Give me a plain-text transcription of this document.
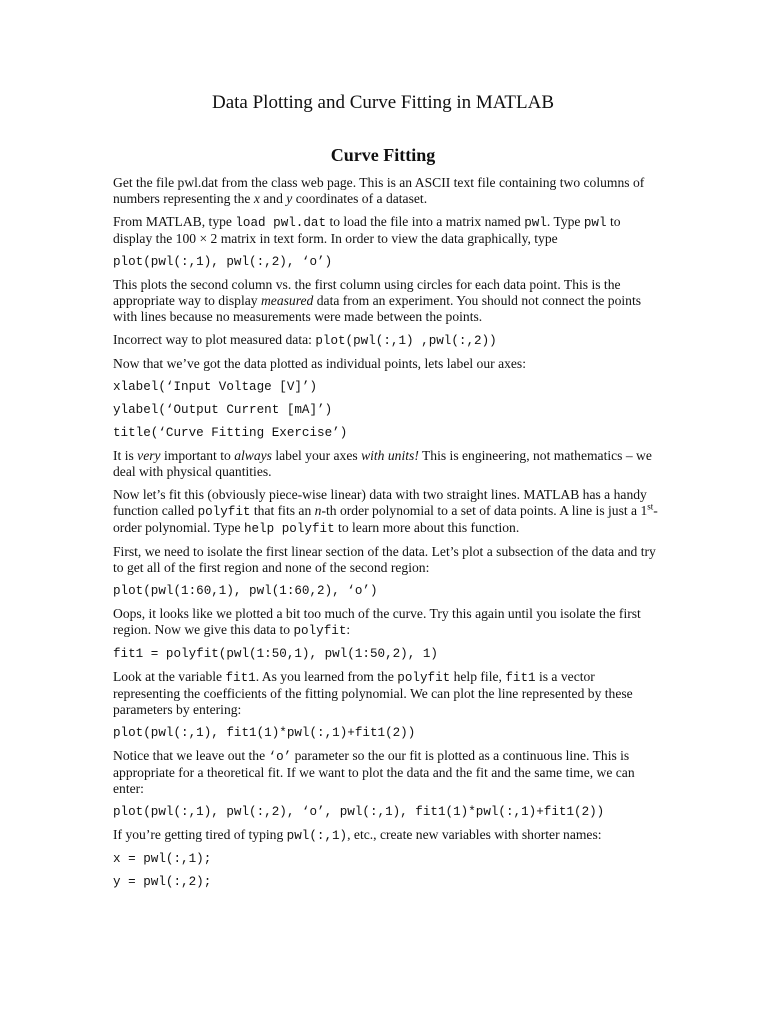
Data Plotting and Curve Fitting in MATLAB
Curve Fitting

Get the file pwl.dat from the class web page. This is an ASCII text file containing two columns of numbers representing the x and y coordinates of a dataset.

From MATLAB, type load pwl.dat to load the file into a matrix named pwl. Type pwl to display the 100 × 2 matrix in text form. In order to view the data graphically, type

plot(pwl(:,1), pwl(:,2), ‘o’)

This plots the second column vs. the first column using circles for each data point. This is the appropriate way to display measured data from an experiment. You should not connect the points with lines because no measurements were made between the points.

Incorrect way to plot measured data: plot(pwl(:,1) ,pwl(:,2))

Now that we’ve got the data plotted as individual points, lets label our axes:

xlabel(‘Input Voltage [V]’)
ylabel(‘Output Current [mA]’)
title(‘Curve Fitting Exercise’)

It is very important to always label your axes with units! This is engineering, not mathematics – we deal with physical quantities.

Now let’s fit this (obviously piece-wise linear) data with two straight lines. MATLAB has a handy function called polyfit that fits an n-th order polynomial to a set of data points. A line is just a 1st-order polynomial. Type help polyfit to learn more about this function.

First, we need to isolate the first linear section of the data. Let’s plot a subsection of the data and try to get all of the first region and none of the second region:

plot(pwl(1:60,1), pwl(1:60,2), ‘o’)

Oops, it looks like we plotted a bit too much of the curve. Try this again until you isolate the first region. Now we give this data to polyfit:

fit1 = polyfit(pwl(1:50,1), pwl(1:50,2), 1)

Look at the variable fit1. As you learned from the polyfit help file, fit1 is a vector representing the coefficients of the fitting polynomial. We can plot the line represented by these parameters by entering:

plot(pwl(:,1), fit1(1)*pwl(:,1)+fit1(2))

Notice that we leave out the ‘o’ parameter so the our fit is plotted as a continuous line. This is appropriate for a theoretical fit. If we want to plot the data and the fit and the same time, we can enter:

plot(pwl(:,1), pwl(:,2), ‘o’, pwl(:,1), fit1(1)*pwl(:,1)+fit1(2))

If you’re getting tired of typing pwl(:,1), etc., create new variables with shorter names:

x = pwl(:,1);
y = pwl(:,2);
